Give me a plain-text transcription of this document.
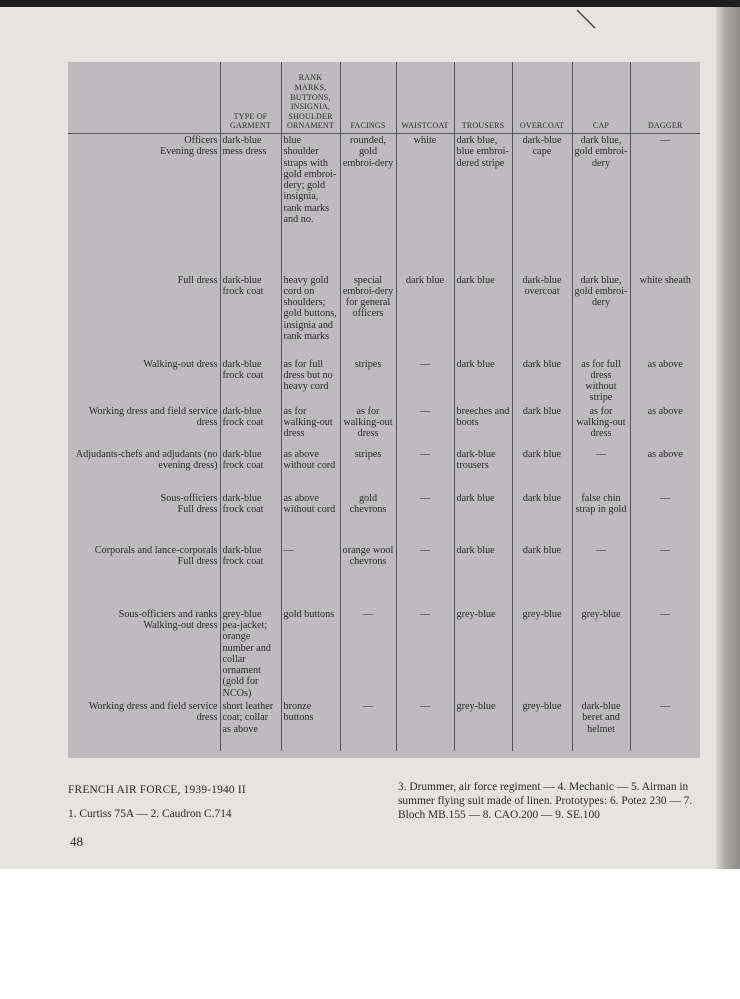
	TYPE OF GARMENT	RANK MARKS, BUTTONS, INSIGNIA, SHOULDER ORNAMENT	FACINGS	WAISTCOAT	TROUSERS	OVERCOAT	CAP	DAGGER

Officers
Evening dress	dark-blue mess dress	blue shoulder straps with gold embroi-dery; gold insignia, rank marks and no.	rounded, gold embroi-dery	white	dark blue, blue embroi-dered stripe	dark-blue cape	dark blue, gold embroi-dery	—
Full dress	dark-blue frock coat	heavy gold cord on shoulders; gold buttons, insignia and rank marks	special embroi-dery for general officers	dark blue	dark blue	dark-blue overcoat	dark blue, gold embroi-dery	white sheath
Walking-out dress	dark-blue frock coat	as for full dress but no heavy cord	stripes	—	dark blue	dark blue	as for full dress without stripe	as above
Working dress and field service dress	dark-blue frock coat	as for walking-out dress	as for walking-out dress	—	breeches and boots	dark blue	as for walking-out dress	as above
Adjudants-chefs and adjudants (no evening dress)	dark-blue frock coat	as above without cord	stripes	—	dark-blue trousers	dark blue	—	as above

Sous-officiers
Full dress	dark-blue frock coat	as above without cord	gold chevrons	—	dark blue	dark blue	false chin strap in gold	—

Corporals and lance-corporals
Full dress	dark-blue frock coat	—	orange wool chevrons	—	dark blue	dark blue	—	—

Sous-officiers and ranks
Walking-out dress	grey-blue pea-jacket; orange number and collar ornament (gold for NCOs)	gold buttons	—	—	grey-blue	grey-blue	grey-blue	—
Working dress and field service dress	short leather coat; collar as above	bronze buttons	—	—	grey-blue	grey-blue	dark-blue beret and helmet	—
FRENCH AIR FORCE, 1939-1940 II
1. Curtiss 75A — 2. Caudron C.714
3. Drummer, air force regiment — 4. Mechanic — 5. Airman in summer flying suit made of linen. Prototypes: 6. Potez 230 — 7. Bloch MB.155 — 8. CAO.200 — 9. SE.100
48
